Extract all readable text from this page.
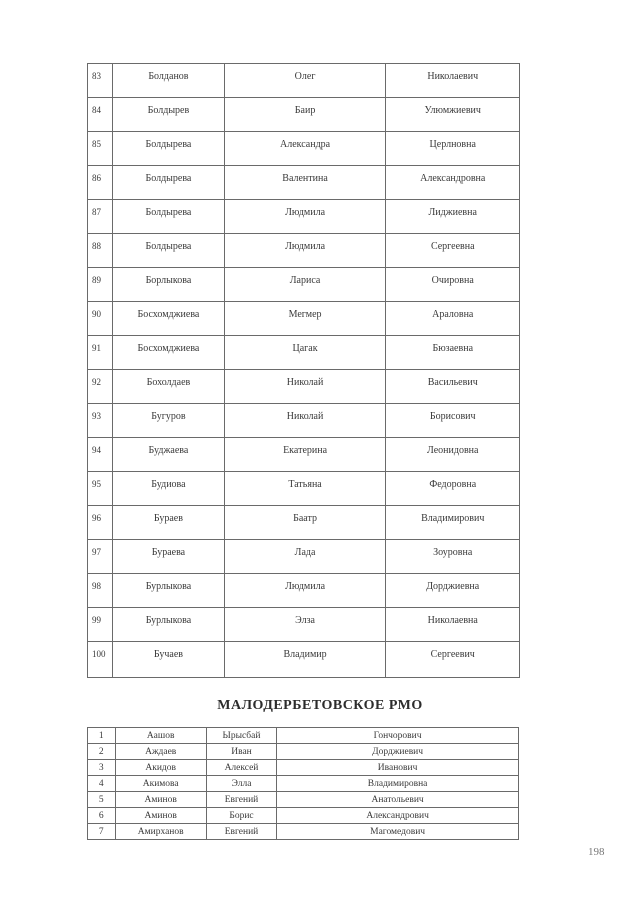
83	Болданов	Олег	Николаевич
84	Болдырев	Баир	Улюмжиевич
85	Болдырева	Александра	Церлновна
86	Болдырева	Валентина	Александровна
87	Болдырева	Людмила	Лиджиевна
88	Болдырева	Людмила	Сергеевна
89	Борлыкова	Лариса	Очировна
90	Босхомджиева	Мегмер	Араловна
91	Босхомджиева	Цагак	Бюзаевна
92	Бохолдаев	Николай	Васильевич
93	Бугуров	Николай	Борисович
94	Буджаева	Екатерина	Леонидовна
95	Будиова	Татьяна	Федоровна
96	Бураев	Баатр	Владимирович
97	Бураева	Лада	Зоуровна
98	Бурлыкова	Людмила	Дорджиевна
99	Бурлыкова	Элза	Николаевна
100	Бучаев	Владимир	Сергеевич
МАЛОДЕРБЕТОВСКОЕ РМО
1	Аашов	Ырысбай	Гончорович
2	Аждаев	Иван	Дорджиевич
3	Акидов	Алексей	Иванович
4	Акимова	Элла	Владимировна
5	Аминов	Евгений	Анатольевич
6	Аминов	Борис	Александрович
7	Амирханов	Евгений	Магомедович
198
